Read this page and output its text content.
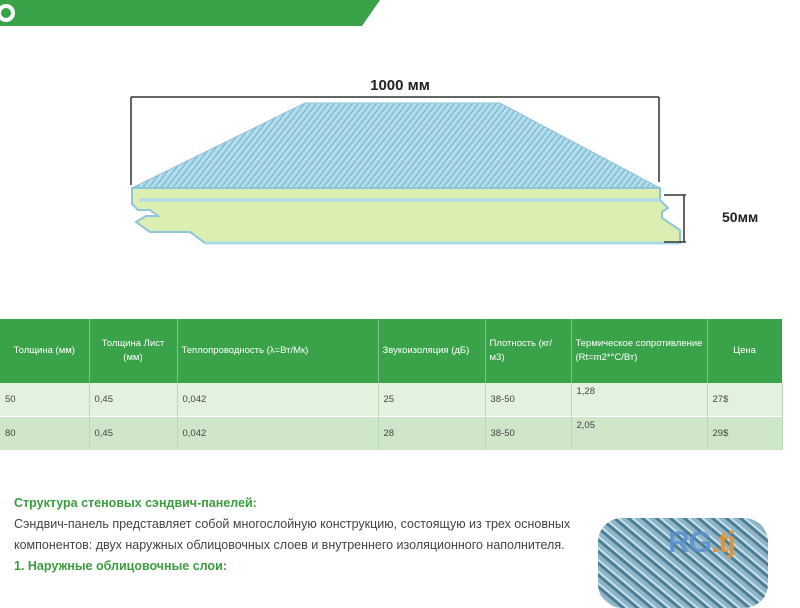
1000 мм
50мм
Толщина (мм)	Толщина Лист (мм)	Теплопроводность (λ=Вт/Мк)	Звукоизоляция (дБ)	Плотность (кг/м3)	Термическое сопротивление (Rt=m2*°C/Вт)	Цена
50	0,45	0,042	25	38-50	1,28	27$
80	0,45	0,042	28	38-50	2,05	29$
Структура стеновых сэндвич-панелей:

Сэндвич-панель представляет собой многослойную конструкцию, состоящую из трех основных компонентов: двух наружных облицовочных слоев и внутреннего изоляционного наполнителя.

1. Наружные облицовочные слои:
RG.tj
